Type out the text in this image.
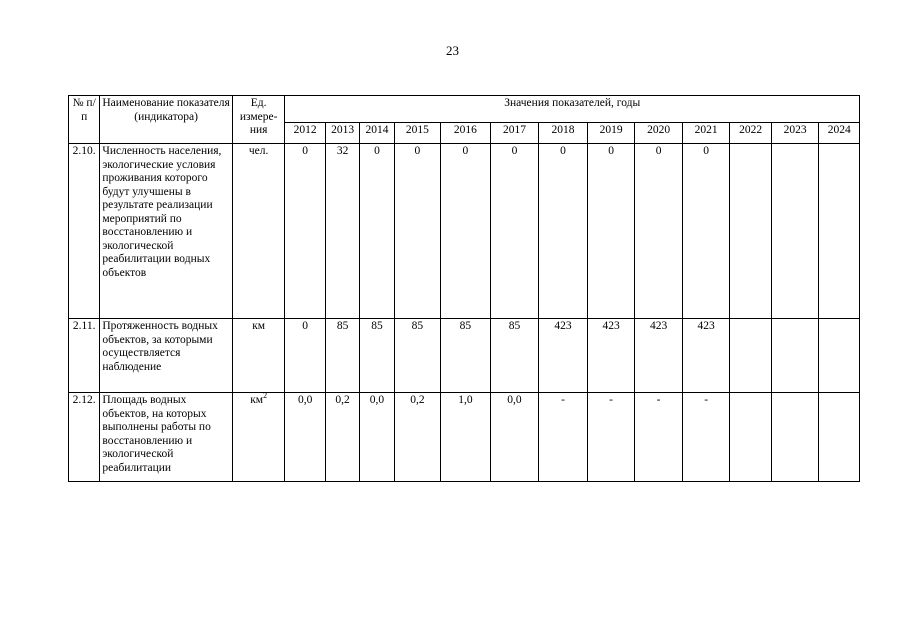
23
№ п/п	Наименование показателя (индикатора)	Ед. измере-ния	Значения показателей, годы												
			2012	2013	2014	2015	2016	2017	2018	2019	2020	2021	2022	2023	2024
2.10.	Численность населения, экологические условия проживания которого будут улучшены в результате реализации мероприятий по восстановлению и экологической реабилитации водных объектов	чел.	0	32	0	0	0	0	0	0	0	0			
2.11.	Протяженность водных объектов, за которыми осуществляется наблюдение	км	0	85	85	85	85	85	423	423	423	423			
2.12.	Площадь водных объектов, на которых выполнены работы по восстановлению и экологической реабилитации	$км^2$	0,0	0,2	0,0	0,2	1,0	0,0	-	-	-	-			
